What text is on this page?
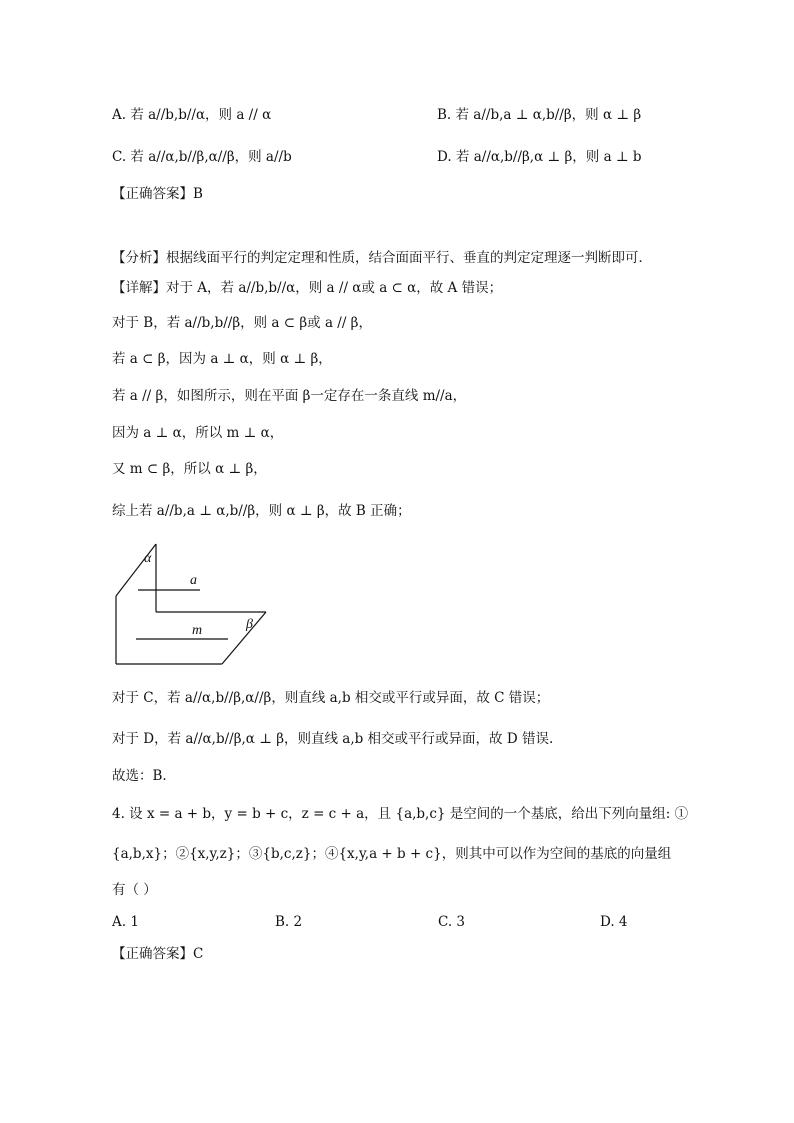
A. 若 a//b,b//α，则 a // α	B. 若 a//b,a ⊥ α,b//β，则 α ⊥ β
C. 若 a//α,b//β,α//β，则 a//b	D. 若 a//α,b//β,α ⊥ β，则 a ⊥ b
【正确答案】B
【分析】根据线面平行的判定定理和性质，结合面面平行、垂直的判定定理逐一判断即可．
【详解】对于 A，若 a//b,b//α，则 a // α或 a ⊂ α，故 A 错误；
对于 B，若 a//b,b//β，则 a ⊂ β或 a // β，
若 a ⊂ β，因为 a ⊥ α，则 α ⊥ β，
若 a // β，如图所示，则在平面 β一定存在一条直线 m//a，
因为 a ⊥ α，所以 m ⊥ α，
又 m ⊂ β，所以 α ⊥ β，
综上若 a//b,a ⊥ α,b//β，则 α ⊥ β，故 B 正确；
α
a
m	β
对于 C，若 a//α,b//β,α//β，则直线 a,b 相交或平行或异面，故 C 错误；
对于 D，若 a//α,b//β,α ⊥ β，则直线 a,b 相交或平行或异面，故 D 错误.
故选：B.
4. 设 x = a + b，y = b + c，z = c + a，且 {a,b,c} 是空间的一个基底，给出下列向量组: ①
{a,b,x}；②{x,y,z}；③{b,c,z}；④{x,y,a + b + c}，则其中可以作为空间的基底的向量组
有（ ）
A. 1	B. 2	C. 3	D. 4
【正确答案】C
